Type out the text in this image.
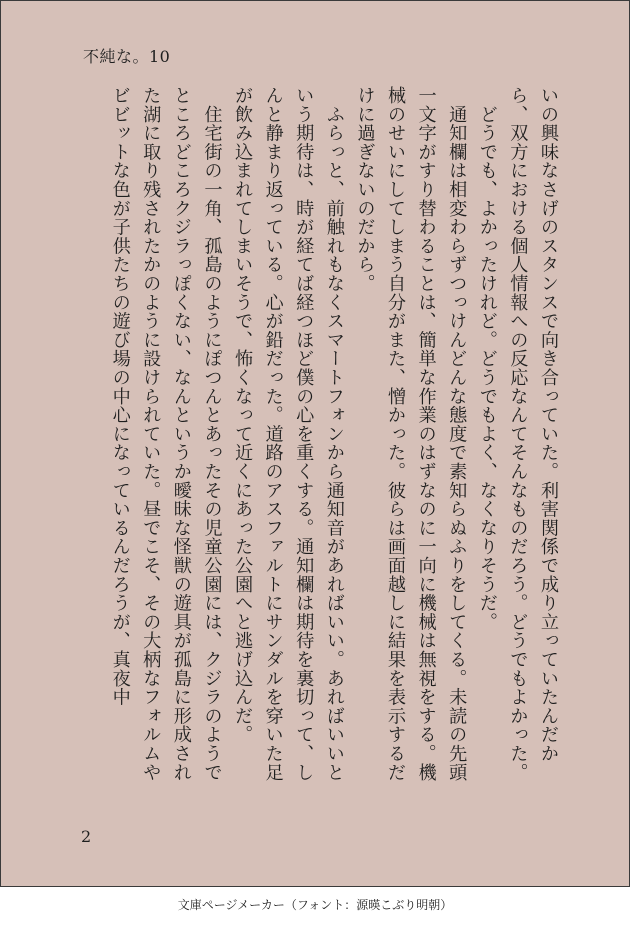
不純な。10

いの興味なさげのスタンスで向き合っていた。利害関係で成り立っていたんだから、双方における個人情報への反応なんてそんなものだろう。どうでもよかった。

　どうでも、よかったけれど。どうでもよく、なくなりそうだ。

　通知欄は相変わらずつっけんどんな態度で素知らぬふりをしてくる。未読の先頭一文字がすり替わることは、簡単な作業のはずなのに一向に機械は無視をする。機械のせいにしてしまう自分がまた、憎かった。彼らは画面越しに結果を表示するだけに過ぎないのだから。

　ふらっと、前触れもなくスマートフォンから通知音があればいい。あればいいという期待は、時が経てば経つほど僕の心を重くする。通知欄は期待を裏切って、しんと静まり返っている。心が鉛だった。道路のアスファルトにサンダルを穿いた足が飲み込まれてしまいそうで、怖くなって近くにあった公園へと逃げ込んだ。

　住宅街の一角、孤島のようにぽつんとあったその児童公園には、クジラのようでところどころクジラっぽくない、なんというか曖昧な怪獣の遊具が孤島に形成された湖に取り残されたかのように設けられていた。昼でこそ、その大柄なフォルムやビビットな色が子供たちの遊び場の中心になっているんだろうが、真夜中

2
文庫ページメーカー（フォント：源暎こぶり明朝）
